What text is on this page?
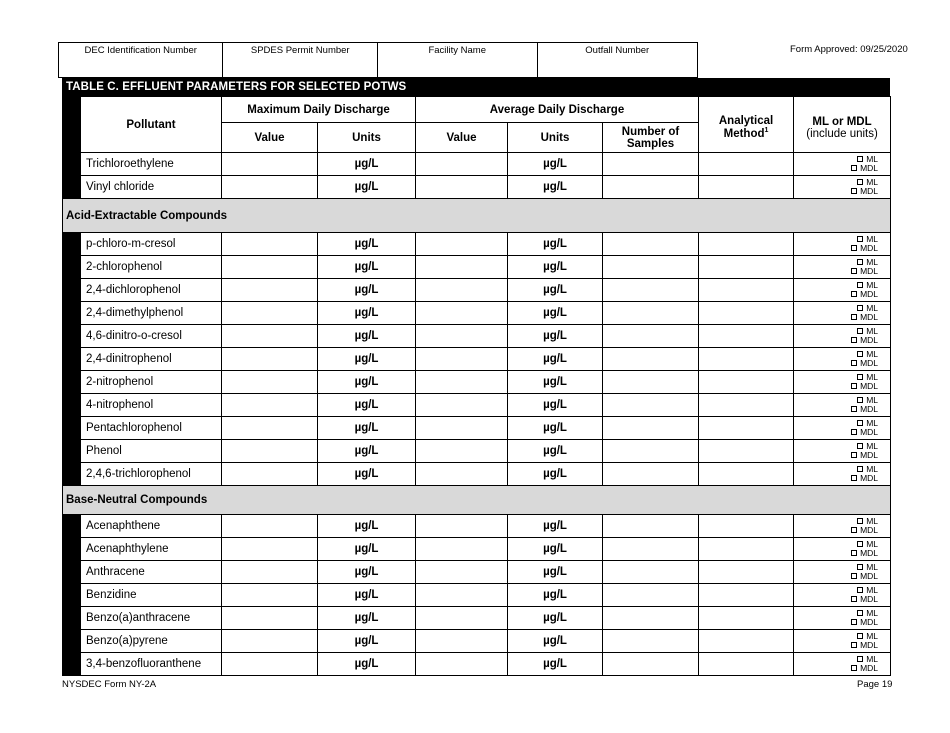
DEC Identification Number	SPDES Permit Number	Facility Name	Outfall Number	Form Approved: 09/25/2020
TABLE C. EFFLUENT PARAMETERS FOR SELECTED POTWS
	Pollutant	Maximum Daily Discharge		Average Daily Discharge			Analytical
Method$^1$	ML or MDL
(include units)
		Value	Units	Value	Units	Number of
Samples		
	Trichloroethylene		µg/L		µg/L			ML
MDL
	Vinyl chloride		µg/L		µg/L			ML
MDL
Acid-Extractable Compounds								
	p-chloro-m-cresol		µg/L		µg/L			ML
MDL
	2-chlorophenol		µg/L		µg/L			ML
MDL
	2,4-dichlorophenol		µg/L		µg/L			ML
MDL
	2,4-dimethylphenol		µg/L		µg/L			ML
MDL
	4,6-dinitro-o-cresol		µg/L		µg/L			ML
MDL
	2,4-dinitrophenol		µg/L		µg/L			ML
MDL
	2-nitrophenol		µg/L		µg/L			ML
MDL
	4-nitrophenol		µg/L		µg/L			ML
MDL
	Pentachlorophenol		µg/L		µg/L			ML
MDL
	Phenol		µg/L		µg/L			ML
MDL
	2,4,6-trichlorophenol		µg/L		µg/L			ML
MDL
Base-Neutral Compounds								
	Acenaphthene		µg/L		µg/L			ML
MDL
	Acenaphthylene		µg/L		µg/L			ML
MDL
	Anthracene		µg/L		µg/L			ML
MDL
	Benzidine		µg/L		µg/L			ML
MDL
	Benzo(a)anthracene		µg/L		µg/L			ML
MDL
	Benzo(a)pyrene		µg/L		µg/L			ML
MDL
	3,4-benzofluoranthene		µg/L		µg/L			ML
MDL
NYSDEC Form NY-2A	Page 19
